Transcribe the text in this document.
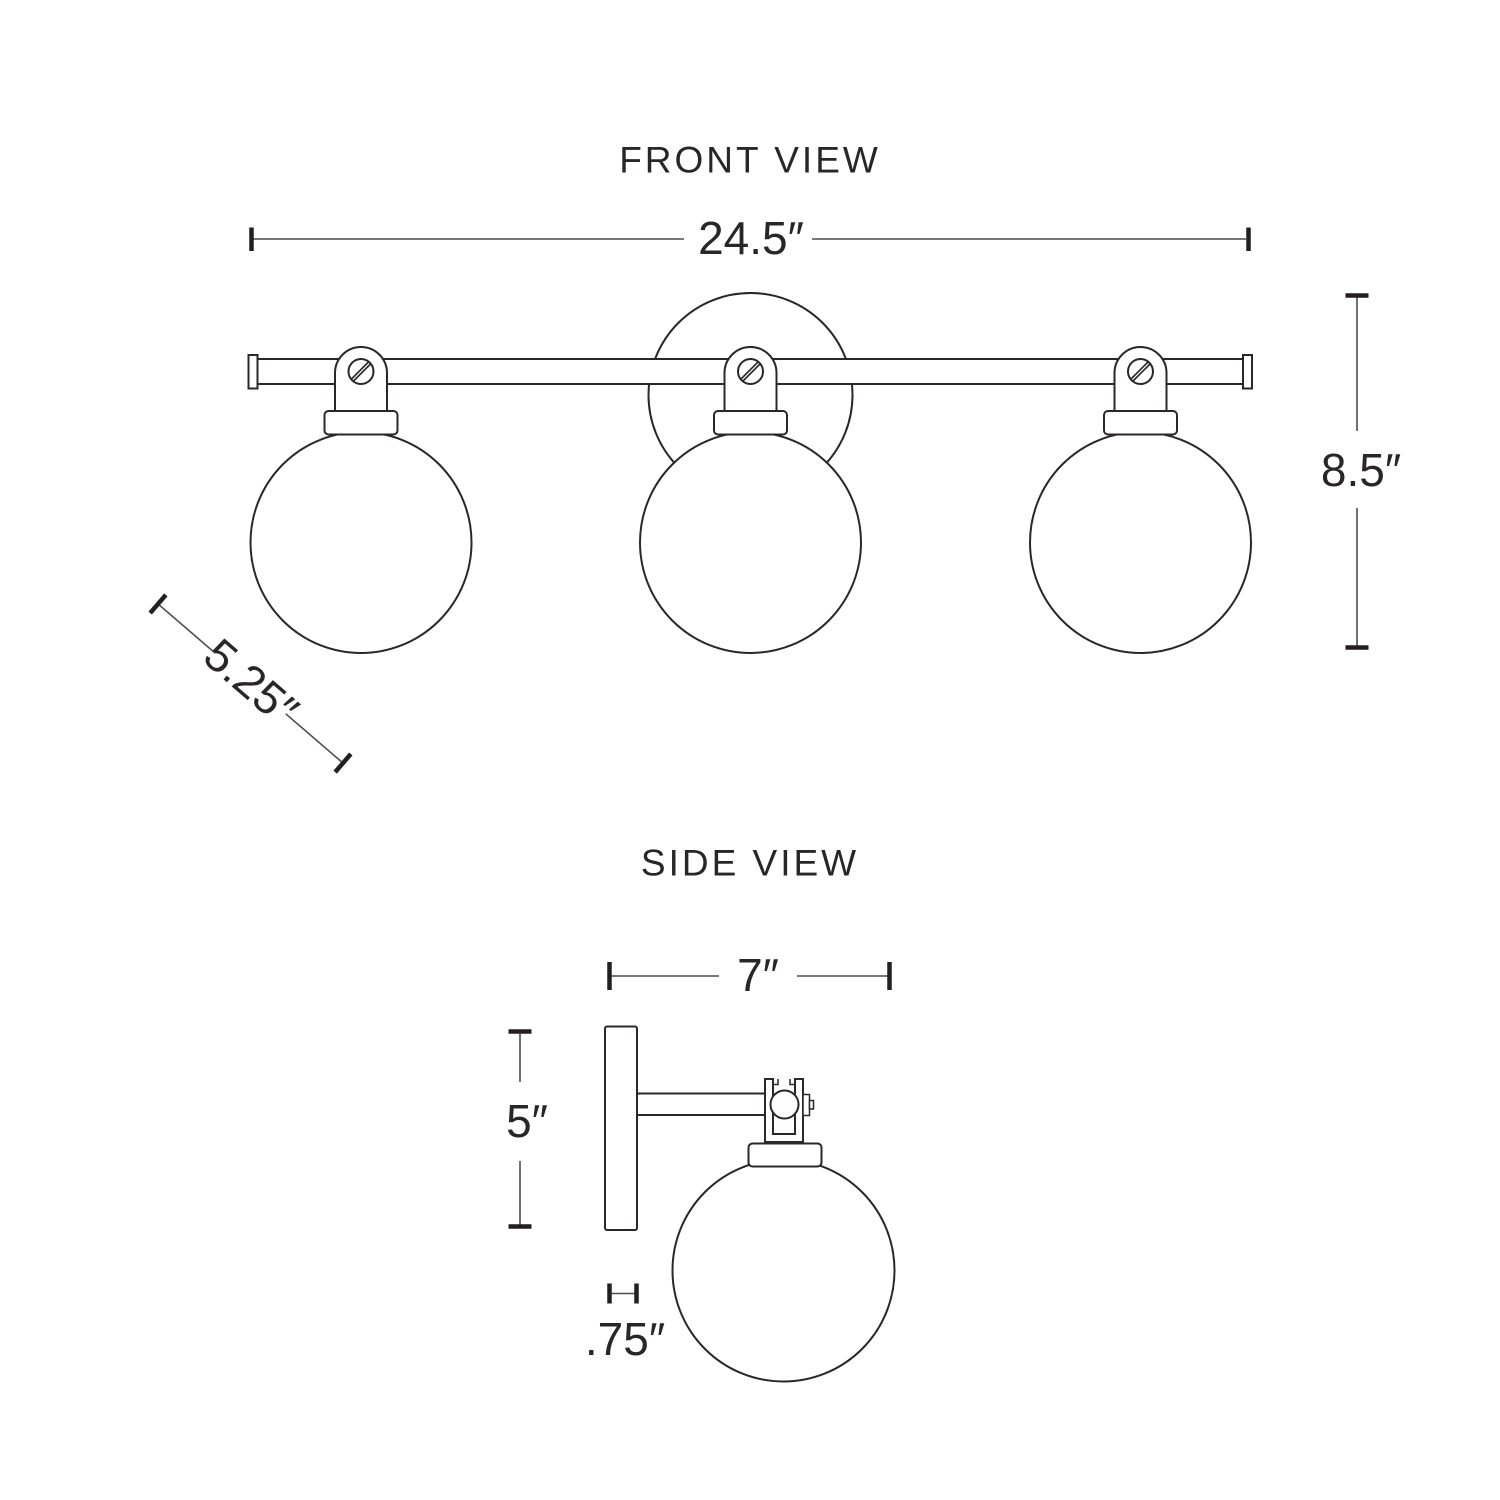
FRONT VIEW
24.5″
8.5″
5.25″
SIDE VIEW
7″
5″
.75″
